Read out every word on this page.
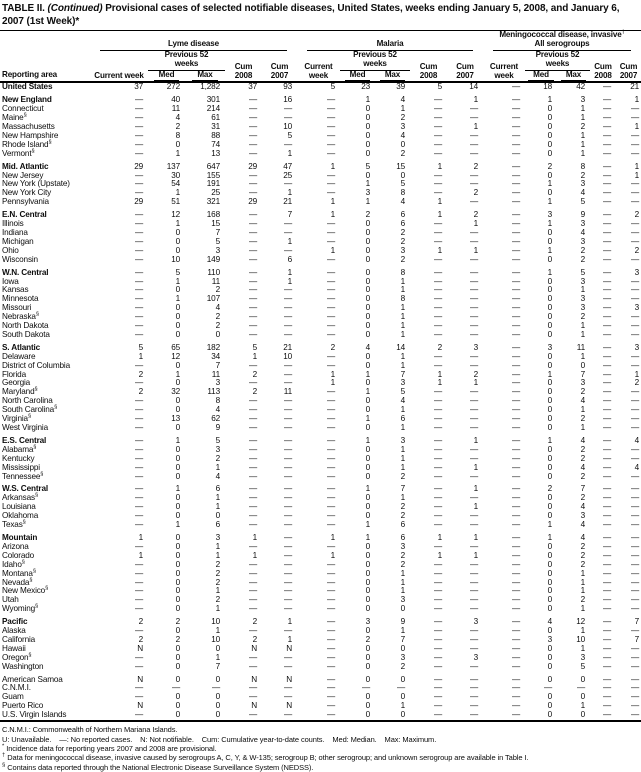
TABLE II. (Continued) Provisional cases of selected notifiable diseases, United States, weeks ending January 5, 2008, and January 6, 2007 (1st Week)*
Reporting area											Meningococcal disease, invasive†

	Lyme disease					Malaria					All serogroups				

	Current week	Previous 52 weeks		Cum 2008	Cum 2007	Current week	Previous 52 weeks		Cum 2008	Cum 2007	Current week	Previous 52 weeks		Cum 2008	Cum 2007
		Med	Max				Med	Max				Med	Max		
United States	37	272	1,282	37	93	5	23	39	5	14	—	18	42	—	21
New England	—	40	301	—	16	—	1	4	—	1	—	1	3	—	1
Connecticut	—	11	214	—	—	—	0	1	—	—	—	0	1	—	—
Maine§	—	4	61	—	—	—	0	2	—	—	—	0	1	—	—
Massachusetts	—	2	31	—	10	—	0	3	—	1	—	0	2	—	1
New Hampshire	—	8	88	—	5	—	0	4	—	—	—	0	1	—	—
Rhode Island§	—	0	74	—	—	—	0	0	—	—	—	0	1	—	—
Vermont§	—	1	13	—	1	—	0	2	—	—	—	0	1	—	—
Mid. Atlantic	29	137	647	29	47	1	5	15	1	2	—	2	8	—	1
New Jersey	—	30	155	—	25	—	0	0	—	—	—	0	2	—	1
New York (Upstate)	—	54	191	—	—	—	1	5	—	—	—	1	3	—	—
New York City	—	1	25	—	1	—	3	8	—	2	—	0	4	—	—
Pennsylvania	29	51	321	29	21	1	1	4	1	—	—	1	5	—	—
E.N. Central	—	12	168	—	7	1	2	6	1	2	—	3	9	—	2
Illinois	—	1	15	—	—	—	0	6	—	1	—	1	3	—	—
Indiana	—	0	7	—	—	—	0	2	—	—	—	0	4	—	—
Michigan	—	0	5	—	1	—	0	2	—	—	—	0	3	—	—
Ohio	—	0	3	—	—	1	0	3	1	1	—	1	2	—	2
Wisconsin	—	10	149	—	6	—	0	2	—	—	—	0	2	—	—
W.N. Central	—	5	110	—	1	—	0	8	—	—	—	1	5	—	3
Iowa	—	1	11	—	1	—	0	1	—	—	—	0	3	—	—
Kansas	—	0	2	—	—	—	0	1	—	—	—	0	1	—	—
Minnesota	—	1	107	—	—	—	0	8	—	—	—	0	3	—	—
Missouri	—	0	4	—	—	—	0	1	—	—	—	0	3	—	3
Nebraska§	—	0	2	—	—	—	0	1	—	—	—	0	2	—	—
North Dakota	—	0	2	—	—	—	0	1	—	—	—	0	1	—	—
South Dakota	—	0	0	—	—	—	0	1	—	—	—	0	1	—	—
S. Atlantic	5	65	182	5	21	2	4	14	2	3	—	3	11	—	3
Delaware	1	12	34	1	10	—	0	1	—	—	—	0	1	—	—
District of Columbia	—	0	7	—	—	—	0	1	—	—	—	0	0	—	—
Florida	2	1	11	2	—	1	1	7	1	2	—	1	7	—	1
Georgia	—	0	3	—	—	1	0	3	1	1	—	0	3	—	2
Maryland§	2	32	113	2	11	—	1	5	—	—	—	0	2	—	—
North Carolina	—	0	8	—	—	—	0	4	—	—	—	0	4	—	—
South Carolina§	—	0	4	—	—	—	0	1	—	—	—	0	1	—	—
Virginia§	—	13	62	—	—	—	1	6	—	—	—	0	2	—	—
West Virginia	—	0	9	—	—	—	0	1	—	—	—	0	1	—	—
E.S. Central	—	1	5	—	—	—	1	3	—	1	—	1	4	—	4
Alabama§	—	0	3	—	—	—	0	1	—	—	—	0	2	—	—
Kentucky	—	0	2	—	—	—	0	1	—	—	—	0	2	—	—
Mississippi	—	0	1	—	—	—	0	1	—	1	—	0	4	—	4
Tennessee§	—	0	4	—	—	—	0	2	—	—	—	0	2	—	—
W.S. Central	—	1	6	—	—	—	1	7	—	1	—	2	7	—	—
Arkansas§	—	0	1	—	—	—	0	1	—	—	—	0	2	—	—
Louisiana	—	0	1	—	—	—	0	2	—	1	—	0	4	—	—
Oklahoma	—	0	0	—	—	—	0	2	—	—	—	0	3	—	—
Texas§	—	1	6	—	—	—	1	6	—	—	—	1	4	—	—
Mountain	1	0	3	1	—	1	1	6	1	1	—	1	4	—	—
Arizona	—	0	1	—	—	—	0	3	—	—	—	0	2	—	—
Colorado	1	0	1	1	—	1	0	2	1	1	—	0	2	—	—
Idaho§	—	0	2	—	—	—	0	2	—	—	—	0	2	—	—
Montana§	—	0	2	—	—	—	0	1	—	—	—	0	1	—	—
Nevada§	—	0	2	—	—	—	0	1	—	—	—	0	1	—	—
New Mexico§	—	0	1	—	—	—	0	1	—	—	—	0	1	—	—
Utah	—	0	2	—	—	—	0	3	—	—	—	0	2	—	—
Wyoming§	—	0	1	—	—	—	0	0	—	—	—	0	1	—	—
Pacific	2	2	10	2	1	—	3	9	—	3	—	4	12	—	7
Alaska	—	0	1	—	—	—	0	1	—	—	—	0	1	—	—
California	2	2	10	2	1	—	2	7	—	—	—	3	10	—	7
Hawaii	N	0	0	N	N	—	0	0	—	—	—	0	1	—	—
Oregon§	—	0	1	—	—	—	0	3	—	3	—	0	3	—	—
Washington	—	0	7	—	—	—	0	2	—	—	—	0	5	—	—
American Samoa	N	0	0	N	N	—	0	0	—	—	—	0	0	—	—
C.N.M.I.	—	—	—	—	—	—	—	—	—	—	—	—	—	—	—
Guam	—	0	0	—	—	—	0	0	—	—	—	0	0	—	—
Puerto Rico	N	0	0	N	N	—	0	1	—	—	—	0	1	—	—
U.S. Virgin Islands	—	0	0	—	—	—	0	0	—	—	—	0	0	—	—
C.N.M.I.: Commonwealth of Northern Mariana Islands.
U: Unavailable.    —: No reported cases.    N: Not notifiable.    Cum: Cumulative year-to-date counts.    Med: Median.    Max: Maximum.
* Incidence data for reporting years 2007 and 2008 are provisional.
† Data for meningococcal disease, invasive caused by serogroups A, C, Y, & W-135; serogroup B; other serogroup; and unknown serogroup are available in Table I.
§ Contains data reported through the National Electronic Disease Surveillance System (NEDSS).
